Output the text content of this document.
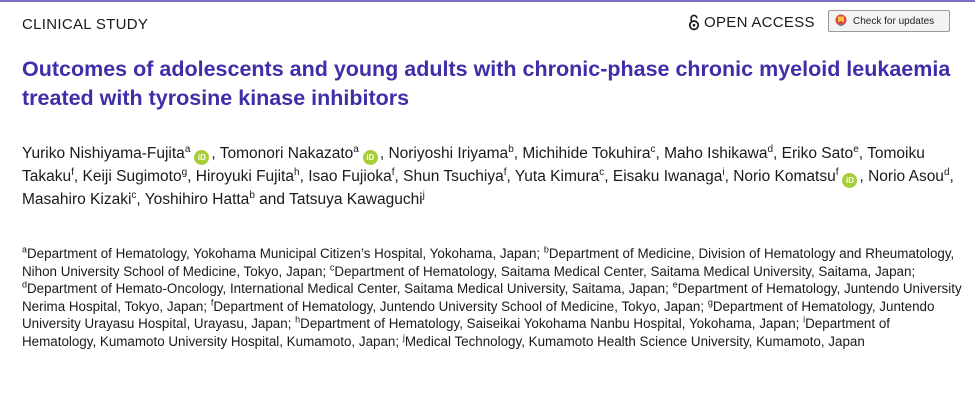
CLINICAL STUDY	OPEN ACCESS	Check for updates
Outcomes of adolescents and young adults with chronic-phase chronic myeloid leukaemia treated with tyrosine kinase inhibitors
Yuriko Nishiyama-Fujita$^a$iD , Tomonori Nakazato$^a$iD , Noriyoshi Iriyama$^b$, Michihide Tokuhira$^c$, Maho Ishikawa$^d$, Eriko Sato$^e$, Tomoiku Takaku$^f$, Keiji Sugimoto$^g$, Hiroyuki Fujita$^h$, Isao Fujioka$^f$, Shun Tsuchiya$^f$, Yuta Kimura$^c$, Eisaku Iwanaga$^i$, Norio Komatsu$^f$iD , Norio Asou$^d$, Masahiro Kizaki$^c$, Yoshihiro Hatta$^b$ and Tatsuya Kawaguchi$^j$
$^a$Department of Hematology, Yokohama Municipal Citizen’s Hospital, Yokohama, Japan; $^b$Department of Medicine, Division of Hematology and Rheumatology, Nihon University School of Medicine, Tokyo, Japan; $^c$Department of Hematology, Saitama Medical Center, Saitama Medical University, Saitama, Japan; $^d$Department of Hemato-Oncology, International Medical Center, Saitama Medical University, Saitama, Japan; $^e$Department of Hematology, Juntendo University Nerima Hospital, Tokyo, Japan; $^f$Department of Hematology, Juntendo University School of Medicine, Tokyo, Japan; $^g$Department of Hematology, Juntendo University Urayasu Hospital, Urayasu, Japan; $^h$Department of Hematology, Saiseikai Yokohama Nanbu Hospital, Yokohama, Japan; $^i$Department of Hematology, Kumamoto University Hospital, Kumamoto, Japan; $^j$Medical Technology, Kumamoto Health Science University, Kumamoto, Japan
